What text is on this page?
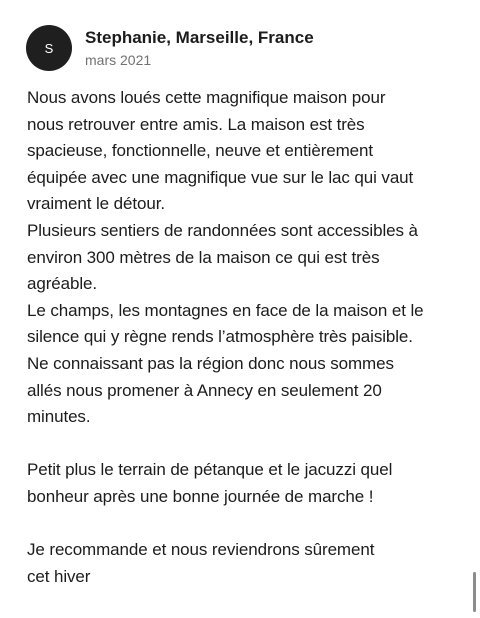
S
Stephanie, Marseille, France
mars 2021

Nous avons loués cette magnifique maison pour
nous retrouver entre amis. La maison est très
spacieuse, fonctionnelle, neuve et entièrement
équipée avec une magnifique vue sur le lac qui vaut
vraiment le détour.
Plusieurs sentiers de randonnées sont accessibles à
environ 300 mètres de la maison ce qui est très
agréable.
Le champs, les montagnes en face de la maison et le
silence qui y règne rends l’atmosphère très paisible.
Ne connaissant pas la région donc nous sommes
allés nous promener à Annecy en seulement 20
minutes.

Petit plus le terrain de pétanque et le jacuzzi quel
bonheur après une bonne journée de marche !

Je recommande et nous reviendrons sûrement
cet hiver
